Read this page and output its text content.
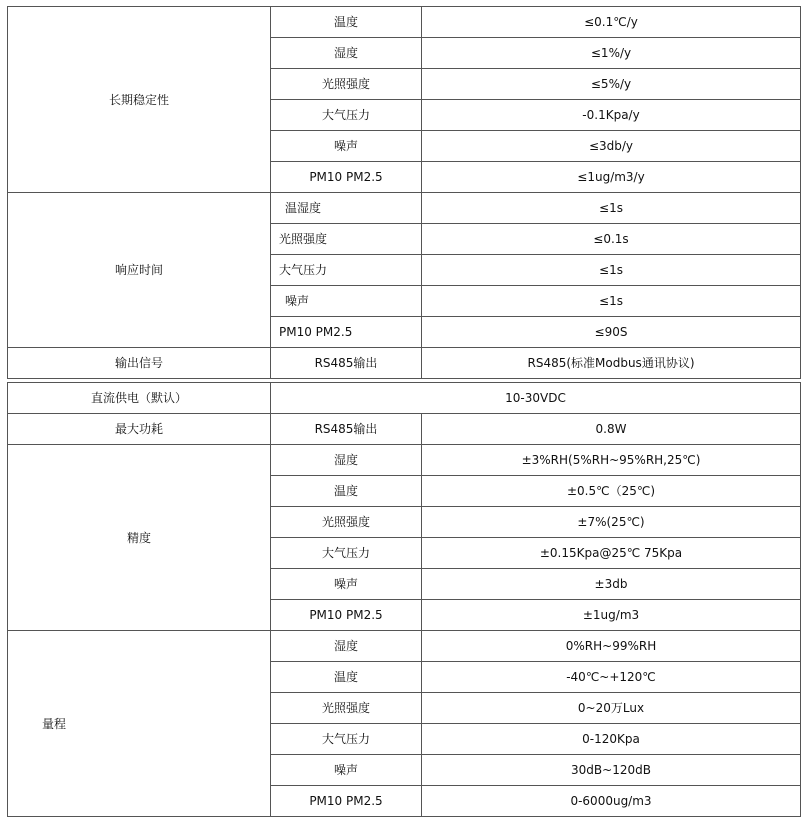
长期稳定性	温度	≤0.1℃/y
	湿度	≤1%/y
	光照强度	≤5%/y
	大气压力	-0.1Kpa/y
	噪声	≤3db/y
	PM10 PM2.5	≤1ug/m3/y
响应时间	温湿度	≤1s
	光照强度	≤0.1s
	大气压力	≤1s
	噪声	≤1s
	PM10 PM2.5	≤90S
输出信号	RS485输出	RS485(标准Modbus通讯协议)
直流供电（默认）	10-30VDC	
最大功耗	RS485输出	0.8W
精度	湿度	±3%RH(5%RH~95%RH,25℃)
	温度	±0.5℃（25℃)
	光照强度	±7%(25℃)
	大气压力	±0.15Kpa@25℃ 75Kpa
	噪声	±3db
	PM10 PM2.5	±1ug/m3
量程	湿度	0%RH~99%RH
	温度	-40℃~+120℃
	光照强度	0~20万Lux
	大气压力	0-120Kpa
	噪声	30dB~120dB
	PM10 PM2.5	0-6000ug/m3
